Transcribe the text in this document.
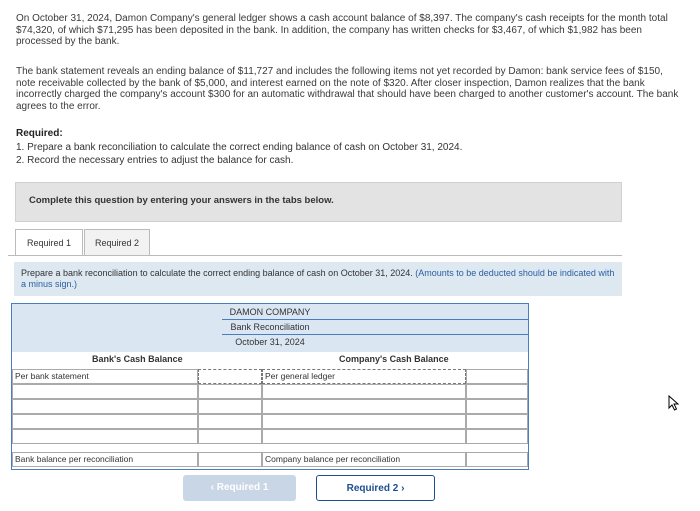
On October 31, 2024, Damon Company's general ledger shows a cash account balance of $8,397. The company's cash receipts for the month total $74,320, of which $71,295 has been deposited in the bank. In addition, the company has written checks for $3,467, of which $1,982 has been processed by the bank.
The bank statement reveals an ending balance of $11,727 and includes the following items not yet recorded by Damon: bank service fees of $150, note receivable collected by the bank of $5,000, and interest earned on the note of $320. After closer inspection, Damon realizes that the bank incorrectly charged the company's account $300 for an automatic withdrawal that should have been charged to another customer's account. The bank agrees to the error.
Required:
1. Prepare a bank reconciliation to calculate the correct ending balance of cash on October 31, 2024.
2. Record the necessary entries to adjust the balance for cash.
Complete this question by entering your answers in the tabs below.
Required 1	Required 2
Prepare a bank reconciliation to calculate the correct ending balance of cash on October 31, 2024. (Amounts to be deducted should be indicated with a minus sign.)
DAMON COMPANY
Bank Reconciliation
October 31, 2024
Bank's Cash Balance	Company's Cash Balance
Per bank statement	Per general ledger
Bank balance per reconciliation	Company balance per reconciliation
‹ Required 1	Required 2 ›
